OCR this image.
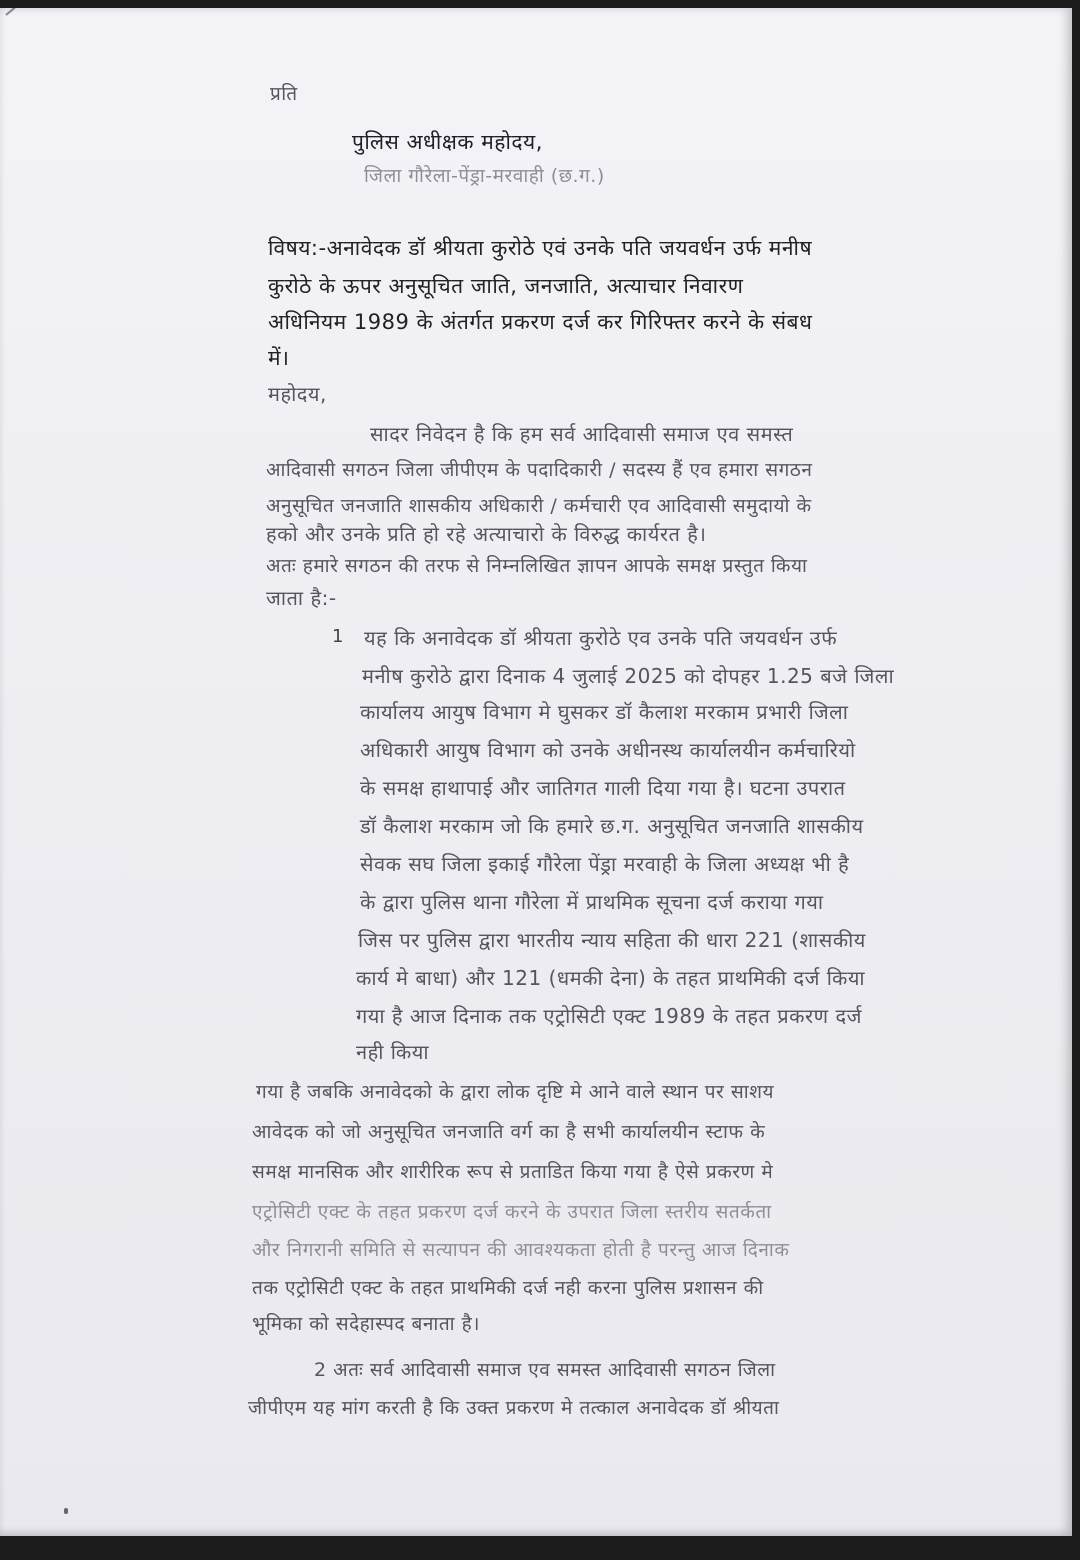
प्रति
पुलिस अधीक्षक महोदय,
जिला गौरेला-पेंड्रा-मरवाही (छ.ग.)
विषय:-अनावेदक डॉ श्रीयता कुरोठे एवं उनके पति जयवर्धन उर्फ मनीष
कुरोठे के ऊपर अनुसूचित जाति, जनजाति, अत्याचार निवारण
अधिनियम 1989 के अंतर्गत प्रकरण दर्ज कर गिरिफ्तर करने के संबध
में।
महोदय,
सादर निवेदन है कि हम सर्व आदिवासी समाज एव समस्त
आदिवासी सगठन जिला जीपीएम के पदादिकारी / सदस्य हैं एव हमारा सगठन
अनुसूचित जनजाति शासकीय अधिकारी / कर्मचारी एव आदिवासी समुदायो के
हको और उनके प्रति हो रहे अत्याचारो के विरुद्ध कार्यरत है।
अतः हमारे सगठन की तरफ से निम्नलिखित ज्ञापन आपके समक्ष प्रस्तुत किया
जाता है:-
1 यह कि अनावेदक डॉ श्रीयता कुरोठे एव उनके पति जयवर्धन उर्फ
मनीष कुरोठे द्वारा दिनाक 4 जुलाई 2025 को दोपहर 1.25 बजे जिला
कार्यालय आयुष विभाग मे घुसकर डॉ कैलाश मरकाम प्रभारी जिला
अधिकारी आयुष विभाग को उनके अधीनस्थ कार्यालयीन कर्मचारियो
के समक्ष हाथापाई और जातिगत गाली दिया गया है। घटना उपरात
डॉ कैलाश मरकाम जो कि हमारे छ.ग. अनुसूचित जनजाति शासकीय
सेवक सघ जिला इकाई गौरेला पेंड्रा मरवाही के जिला अध्यक्ष भी है
के द्वारा पुलिस थाना गौरेला में प्राथमिक सूचना दर्ज कराया गया
जिस पर पुलिस द्वारा भारतीय न्याय सहिता की धारा 221 (शासकीय
कार्य मे बाधा) और 121 (धमकी देना) के तहत प्राथमिकी दर्ज किया
गया है आज दिनाक तक एट्रोसिटी एक्ट 1989 के तहत प्रकरण दर्ज
नही किया
गया है जबकि अनावेदको के द्वारा लोक दृष्टि मे आने वाले स्थान पर साशय
आवेदक को जो अनुसूचित जनजाति वर्ग का है सभी कार्यालयीन स्टाफ के
समक्ष मानसिक और शारीरिक रूप से प्रताडित किया गया है ऐसे प्रकरण मे
एट्रोसिटी एक्ट के तहत प्रकरण दर्ज करने के उपरात जिला स्तरीय सतर्कता
और निगरानी समिति से सत्यापन की आवश्यकता होती है परन्तु आज दिनाक
तक एट्रोसिटी एक्ट के तहत प्राथमिकी दर्ज नही करना पुलिस प्रशासन की
भूमिका को सदेहास्पद बनाता है।
2 अतः सर्व आदिवासी समाज एव समस्त आदिवासी सगठन जिला
जीपीएम यह मांग करती है कि उक्त प्रकरण मे तत्काल अनावेदक डॉ श्रीयता
